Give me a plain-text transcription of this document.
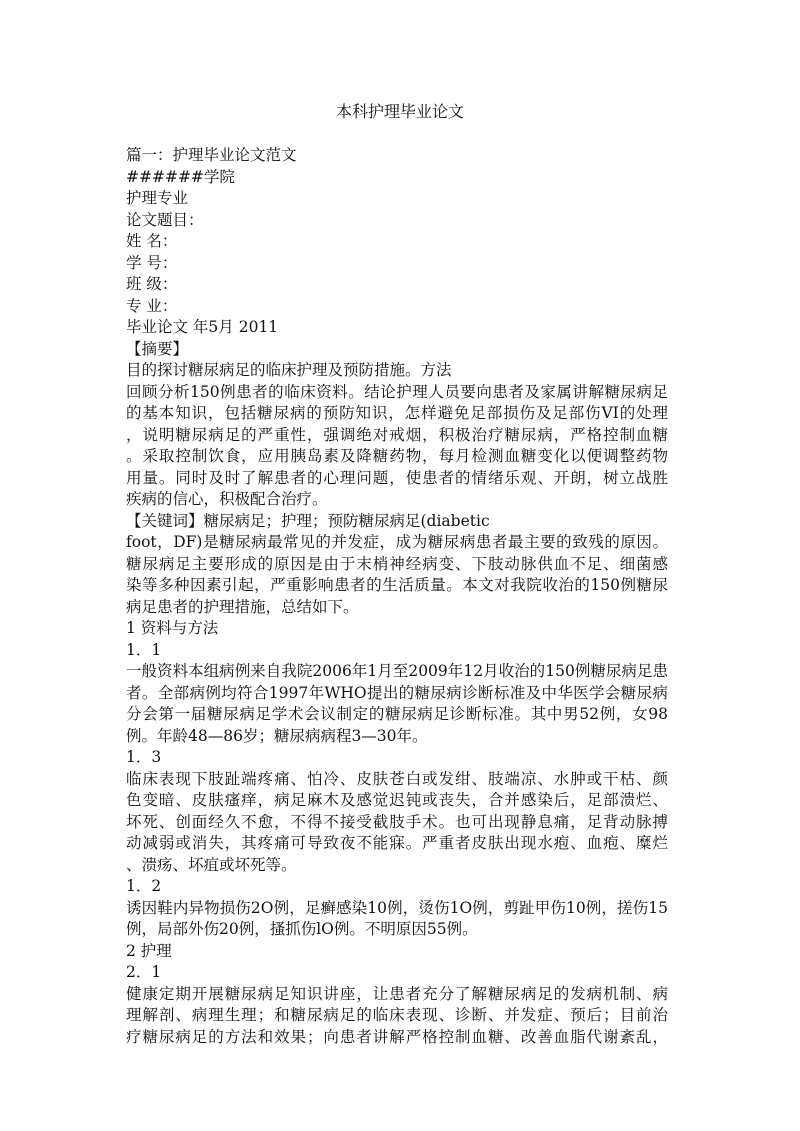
本科护理毕业论文
篇一：护理毕业论文范文
######学院
护理专业
论文题目：
姓 名：
学 号：
班 级：
专 业：
毕业论文 年5月 2011
【摘要】
目的探讨糖尿病足的临床护理及预防措施。方法
回顾分析150例患者的临床资料。结论护理人员要向患者及家属讲解糖尿病足
的基本知识，包括糖尿病的预防知识，怎样避免足部损伤及足部伤VI的处理
，说明糖尿病足的严重性，强调绝对戒烟，积极治疗糖尿病，严格控制血糖
。采取控制饮食，应用胰岛素及降糖药物，每月检测血糖变化以便调整药物
用量。同时及时了解患者的心理问题，使患者的情绪乐观、开朗，树立战胜
疾病的信心，积极配合治疗。
【关键词】糖尿病足；护理；预防糖尿病足(diabetic
foot，DF)是糖尿病最常见的并发症，成为糖尿病患者最主要的致残的原因。
糖尿病足主要形成的原因是由于末梢神经病变、下肢动脉供血不足、细菌感
染等多种因素引起，严重影响患者的生活质量。本文对我院收治的150例糖尿
病足患者的护理措施，总结如下。
1 资料与方法
1．1
一般资料本组病例来自我院2006年1月至2009年12月收治的150例糖尿病足患
者。全部病例均符合1997年WHO提出的糖尿病诊断标准及中华医学会糖尿病
分会第一届糖尿病足学术会议制定的糖尿病足诊断标准。其中男52例，女98
例。年龄48—86岁；糖尿病病程3—30年。
1．3
临床表现下肢趾端疼痛、怕冷、皮肤苍白或发绀、肢端凉、水肿或干枯、颜
色变暗、皮肤瘙痒，病足麻木及感觉迟钝或丧失，合并感染后，足部溃烂、
坏死、创面经久不愈，不得不接受截肢手术。也可出现静息痛，足背动脉搏
动减弱或消失，其疼痛可导致夜不能寐。严重者皮肤出现水疱、血疱、糜烂
、溃疡、坏疽或坏死等。
1．2
诱因鞋内异物损伤2O例，足癣感染10例，烫伤1O例，剪趾甲伤10例，搓伤15
例，局部外伤20例，搔抓伤lO例。不明原因55例。
2 护理
2．1
健康定期开展糖尿病足知识讲座，让患者充分了解糖尿病足的发病机制、病
理解剖、病理生理；和糖尿病足的临床表现、诊断、并发症、预后；目前治
疗糖尿病足的方法和效果；向患者讲解严格控制血糖、改善血脂代谢紊乱，
